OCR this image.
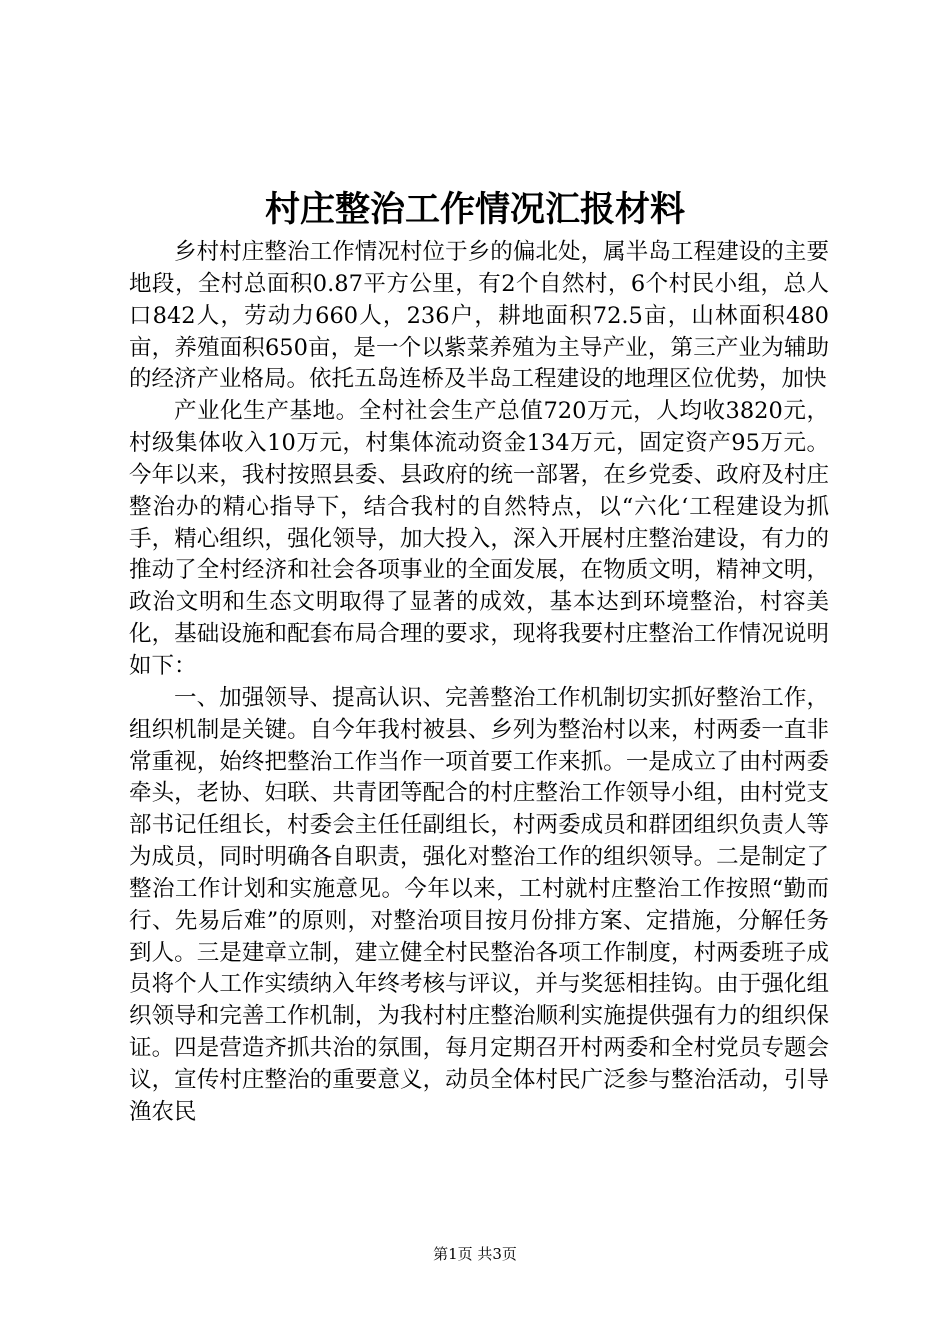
村庄整治工作情况汇报材料

乡村村庄整治工作情况村位于乡的偏北处，属半岛工程建设的主要地段，全村总面积0.87平方公里，有2个自然村，6个村民小组，总人口842人，劳动力660人，236户，耕地面积72.5亩，山林面积480亩，养殖面积650亩，是一个以紫菜养殖为主导产业，第三产业为辅助的经济产业格局。依托五岛连桥及半岛工程建设的地理区位优势，加快

产业化生产基地。全村社会生产总值720万元，人均收3820元，村级集体收入10万元，村集体流动资金134万元，固定资产95万元。今年以来，我村按照县委、县政府的统一部署，在乡党委、政府及村庄整治办的精心指导下，结合我村的自然特点，以“六化‘工程建设为抓手，精心组织，强化领导，加大投入，深入开展村庄整治建设，有力的推动了全村经济和社会各项事业的全面发展，在物质文明，精神文明，政治文明和生态文明取得了显著的成效，基本达到环境整治，村容美化，基础设施和配套布局合理的要求，现将我要村庄整治工作情况说明如下：

一、加强领导、提高认识、完善整治工作机制切实抓好整治工作，组织机制是关键。自今年我村被县、乡列为整治村以来，村两委一直非常重视，始终把整治工作当作一项首要工作来抓。一是成立了由村两委牵头，老协、妇联、共青团等配合的村庄整治工作领导小组，由村党支部书记任组长，村委会主任任副组长，村两委成员和群团组织负责人等为成员，同时明确各自职责，强化对整治工作的组织领导。二是制定了整治工作计划和实施意见。今年以来，工村就村庄整治工作按照“勤而行、先易后难”的原则，对整治项目按月份排方案、定措施，分解任务到人。三是建章立制，建立健全村民整治各项工作制度，村两委班子成员将个人工作实绩纳入年终考核与评议，并与奖惩相挂钩。由于强化组织领导和完善工作机制，为我村村庄整治顺利实施提供强有力的组织保证。四是营造齐抓共治的氛围，每月定期召开村两委和全村党员专题会议，宣传村庄整治的重要意义，动员全体村民广泛参与整治活动，引导渔农民

第1页 共3页
